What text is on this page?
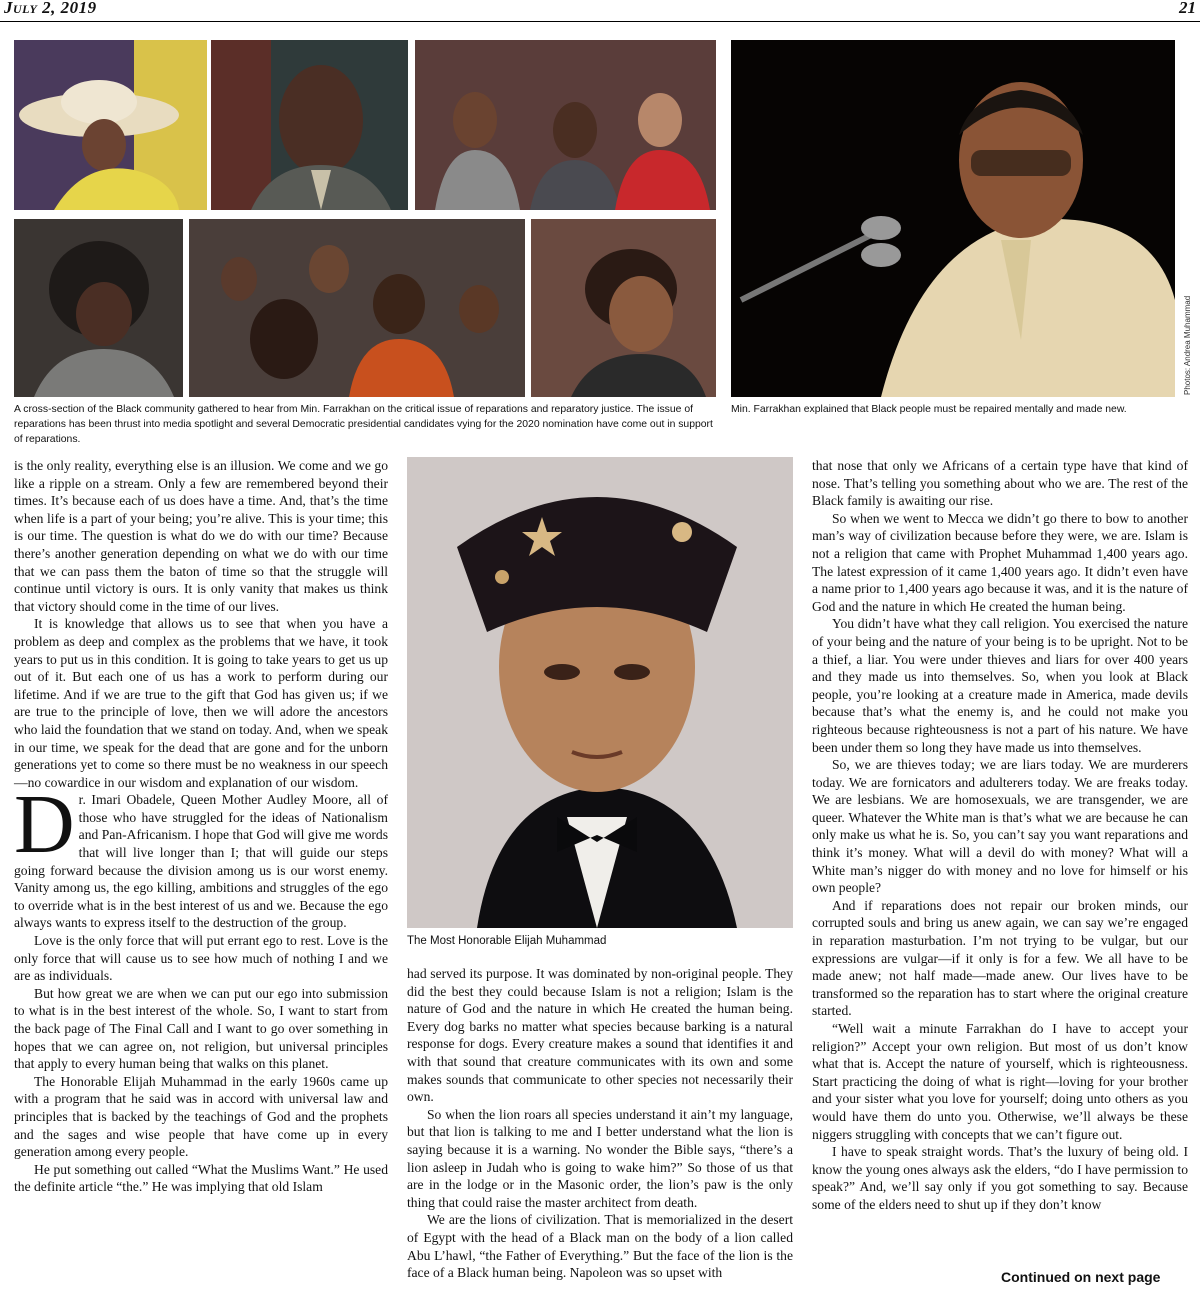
July 2, 2019	21
Photos: Andrea Muhammad
A cross-section of the Black community gathered to hear from Min. Farrakhan on the critical issue of reparations and reparatory justice. The issue of reparations has been thrust into media spotlight and several Democratic presidential candidates vying for the 2020 nomination have come out in support of reparations.
Min. Farrakhan explained that Black people must be repaired mentally and made new.

is the only reality, everything else is an illusion. We come and we go like a ripple on a stream. Only a few are remembered beyond their times. It’s because each of us does have a time. And, that’s the time when life is a part of your being; you’re alive. This is your time; this is our time. The question is what do we do with our time? Because there’s another generation depending on what we do with our time that we can pass them the baton of time so that the struggle will continue until victory is ours. It is only vanity that makes us think that victory should come in the time of our lives.

It is knowledge that allows us to see that when you have a problem as deep and complex as the problems that we have, it took years to put us in this condition. It is going to take years to get us up out of it. But each one of us has a work to perform during our lifetime. And if we are true to the gift that God has given us; if we are true to the principle of love, then we will adore the ancestors who laid the foundation that we stand on today. And, when we speak in our time, we speak for the dead that are gone and for the unborn generations yet to come so there must be no weakness in our speech—no cowardice in our wisdom and explanation of our wisdom.

Dr. Imari Obadele, Queen Mother Audley Moore, all of those who have struggled for the ideas of Nationalism and Pan-Africanism. I hope that God will give me words that will live longer than I; that will guide our steps going forward because the division among us is our worst enemy. Vanity among us, the ego killing, ambitions and struggles of the ego to override what is in the best interest of us and we. Because the ego always wants to express itself to the destruction of the group.

Love is the only force that will put errant ego to rest. Love is the only force that will cause us to see how much of nothing I and we are as individuals.

But how great we are when we can put our ego into submission to what is in the best interest of the whole. So, I want to start from the back page of The Final Call and I want to go over something in hopes that we can agree on, not religion, but universal principles that apply to every human being that walks on this planet.

The Honorable Elijah Muhammad in the early 1960s came up with a program that he said was in accord with universal law and principles that is backed by the teachings of God and the prophets and the sages and wise people that have come up in every generation among every people.

He put something out called “What the Muslims Want.” He used the definite article “the.” He was implying that old Islam

The Most Honorable Elijah Muhammad

had served its purpose. It was dominated by non-original people. They did the best they could because Islam is not a religion; Islam is the nature of God and the nature in which He created the human being. Every dog barks no matter what species because barking is a natural response for dogs. Every creature makes a sound that identifies it and with that sound that creature communicates with its own and some makes sounds that communicate to other species not necessarily their own.

So when the lion roars all species understand it ain’t my language, but that lion is talking to me and I better understand what the lion is saying because it is a warning. No wonder the Bible says, “there’s a lion asleep in Judah who is going to wake him?” So those of us that are in the lodge or in the Masonic order, the lion’s paw is the only thing that could raise the master architect from death.

We are the lions of civilization. That is memorialized in the desert of Egypt with the head of a Black man on the body of a lion called Abu L’hawl, “the Father of Everything.” But the face of the lion is the face of a Black human being. Napoleon was so upset with

that nose that only we Africans of a certain type have that kind of nose. That’s telling you something about who we are. The rest of the Black family is awaiting our rise.

So when we went to Mecca we didn’t go there to bow to another man’s way of civilization because before they were, we are. Islam is not a religion that came with Prophet Muhammad 1,400 years ago. The latest expression of it came 1,400 years ago. It didn’t even have a name prior to 1,400 years ago because it was, and it is the nature of God and the nature in which He created the human being.

You didn’t have what they call religion. You exercised the nature of your being and the nature of your being is to be upright. Not to be a thief, a liar. You were under thieves and liars for over 400 years and they made us into themselves. So, when you look at Black people, you’re looking at a creature made in America, made devils because that’s what the enemy is, and he could not make you righteous because righteousness is not a part of his nature. We have been under them so long they have made us into themselves.

So, we are thieves today; we are liars today. We are murderers today. We are fornicators and adulterers today. We are freaks today. We are lesbians. We are homosexuals, we are transgender, we are queer. Whatever the White man is that’s what we are because he can only make us what he is. So, you can’t say you want reparations and think it’s money. What will a devil do with money? What will a White man’s nigger do with money and no love for himself or his own people?

And if reparations does not repair our broken minds, our corrupted souls and bring us anew again, we can say we’re engaged in reparation masturbation. I’m not trying to be vulgar, but our expressions are vulgar—if it only is for a few. We all have to be made anew; not half made—made anew. Our lives have to be transformed so the reparation has to start where the original creature started.

“Well wait a minute Farrakhan do I have to accept your religion?” Accept your own religion. But most of us don’t know what that is. Accept the nature of yourself, which is righteousness. Start practicing the doing of what is right—loving for your brother and your sister what you love for yourself; doing unto others as you would have them do unto you. Otherwise, we’ll always be these niggers struggling with concepts that we can’t figure out.

I have to speak straight words. That’s the luxury of being old. I know the young ones always ask the elders, “do I have permission to speak?” And, we’ll say only if you got something to say. Because some of the elders need to shut up if they don’t know

Continued on next page
